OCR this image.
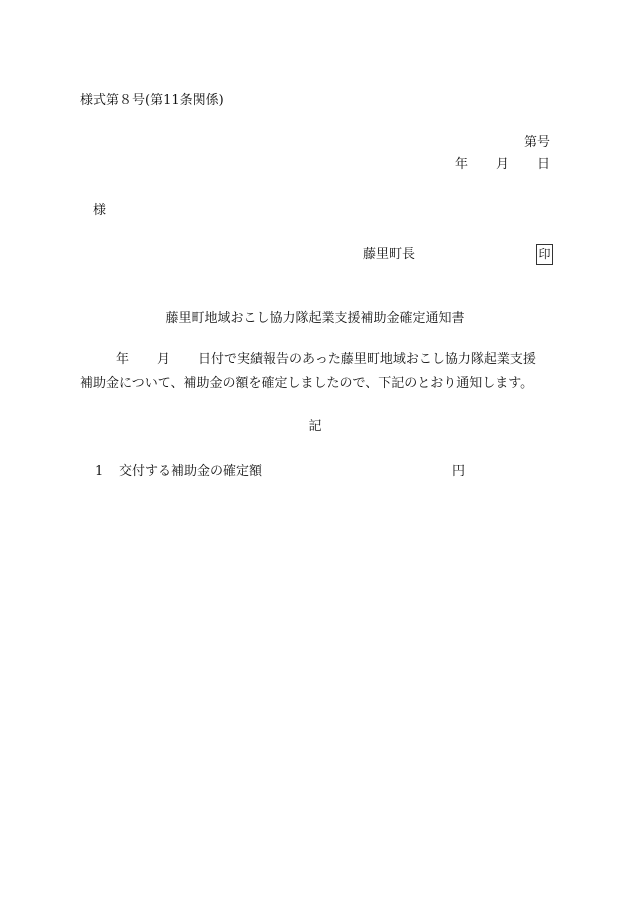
様式第８号(第11条関係)
第号
年 月 日
様
藤里町長	印
藤里町地域おこし協力隊起業支援補助金確定通知書
年 月 日付で実績報告のあった藤里町地域おこし協力隊起業支援
補助金について、補助金の額を確定しましたので、下記のとおり通知します。
記
1 交付する補助金の確定額	円
